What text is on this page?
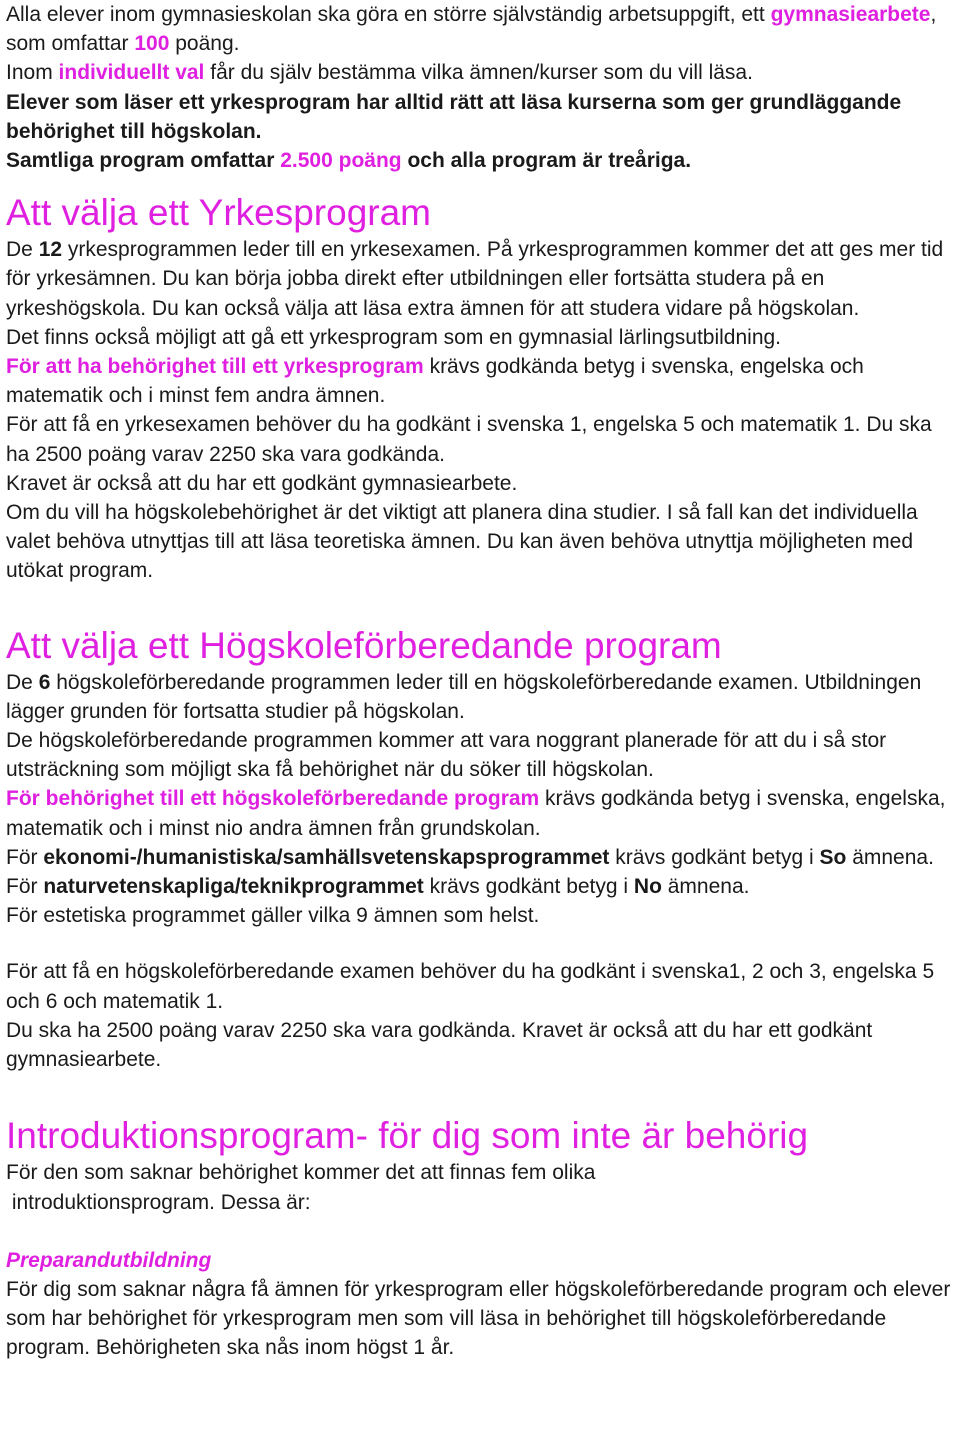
Alla elever inom gymnasieskolan ska göra en större självständig arbetsuppgift, ett gymnasiearbete, som omfattar 100 poäng.

Inom individuellt val får du själv bestämma vilka ämnen/kurser som du vill läsa.

Elever som läser ett yrkesprogram har alltid rätt att läsa kurserna som ger grundläggande behörighet till högskolan.

Samtliga program omfattar 2.500 poäng och alla program är treåriga.

Att välja ett Yrkesprogram

De 12 yrkesprogrammen leder till en yrkesexamen. På yrkesprogrammen kommer det att ges mer tid för yrkesämnen. Du kan börja jobba direkt efter utbildningen eller fortsätta studera på en yrkeshögskola. Du kan också välja att läsa extra ämnen för att studera vidare på högskolan.

Det finns också möjligt att gå ett yrkesprogram som en gymnasial lärlingsutbildning.

För att ha behörighet till ett yrkesprogram krävs godkända betyg i svenska, engelska och matematik och i minst fem andra ämnen.

För att få en yrkesexamen behöver du ha godkänt i svenska 1, engelska 5 och matematik 1. Du ska ha 2500 poäng varav 2250 ska vara godkända.

Kravet är också att du har ett godkänt gymnasiearbete.

Om du vill ha högskolebehörighet är det viktigt att planera dina studier. I så fall kan det individuella valet behöva utnyttjas till att läsa teoretiska ämnen. Du kan även behöva utnyttja möjligheten med utökat program.

Att välja ett Högskoleförberedande program

De 6 högskoleförberedande programmen leder till en högskoleförberedande examen. Utbildningen lägger grunden för fortsatta studier på högskolan.

De högskoleförberedande programmen kommer att vara noggrant planerade för att du i så stor utsträckning som möjligt ska få behörighet när du söker till högskolan.

För behörighet till ett högskoleförberedande program krävs godkända betyg i svenska, engelska, matematik och i minst nio andra ämnen från grundskolan.

För ekonomi-/humanistiska/samhällsvetenskapsprogrammet krävs godkänt betyg i So ämnena.

För naturvetenskapliga/teknikprogrammet krävs godkänt betyg i No ämnena.

För estetiska programmet gäller vilka 9 ämnen som helst.

För att få en högskoleförberedande examen behöver du ha godkänt i svenska1, 2 och 3, engelska 5 och 6 och matematik 1.

Du ska ha 2500 poäng varav 2250 ska vara godkända. Kravet är också att du har ett godkänt gymnasiearbete.

Introduktionsprogram- för dig som inte är behörig

För den som saknar behörighet kommer det att finnas fem olika

introduktionsprogram. Dessa är:

Preparandutbildning

För dig som saknar några få ämnen för yrkesprogram eller högskoleförberedande program och elever som har behörighet för yrkesprogram men som vill läsa in behörighet till högskoleförberedande program. Behörigheten ska nås inom högst 1 år.
